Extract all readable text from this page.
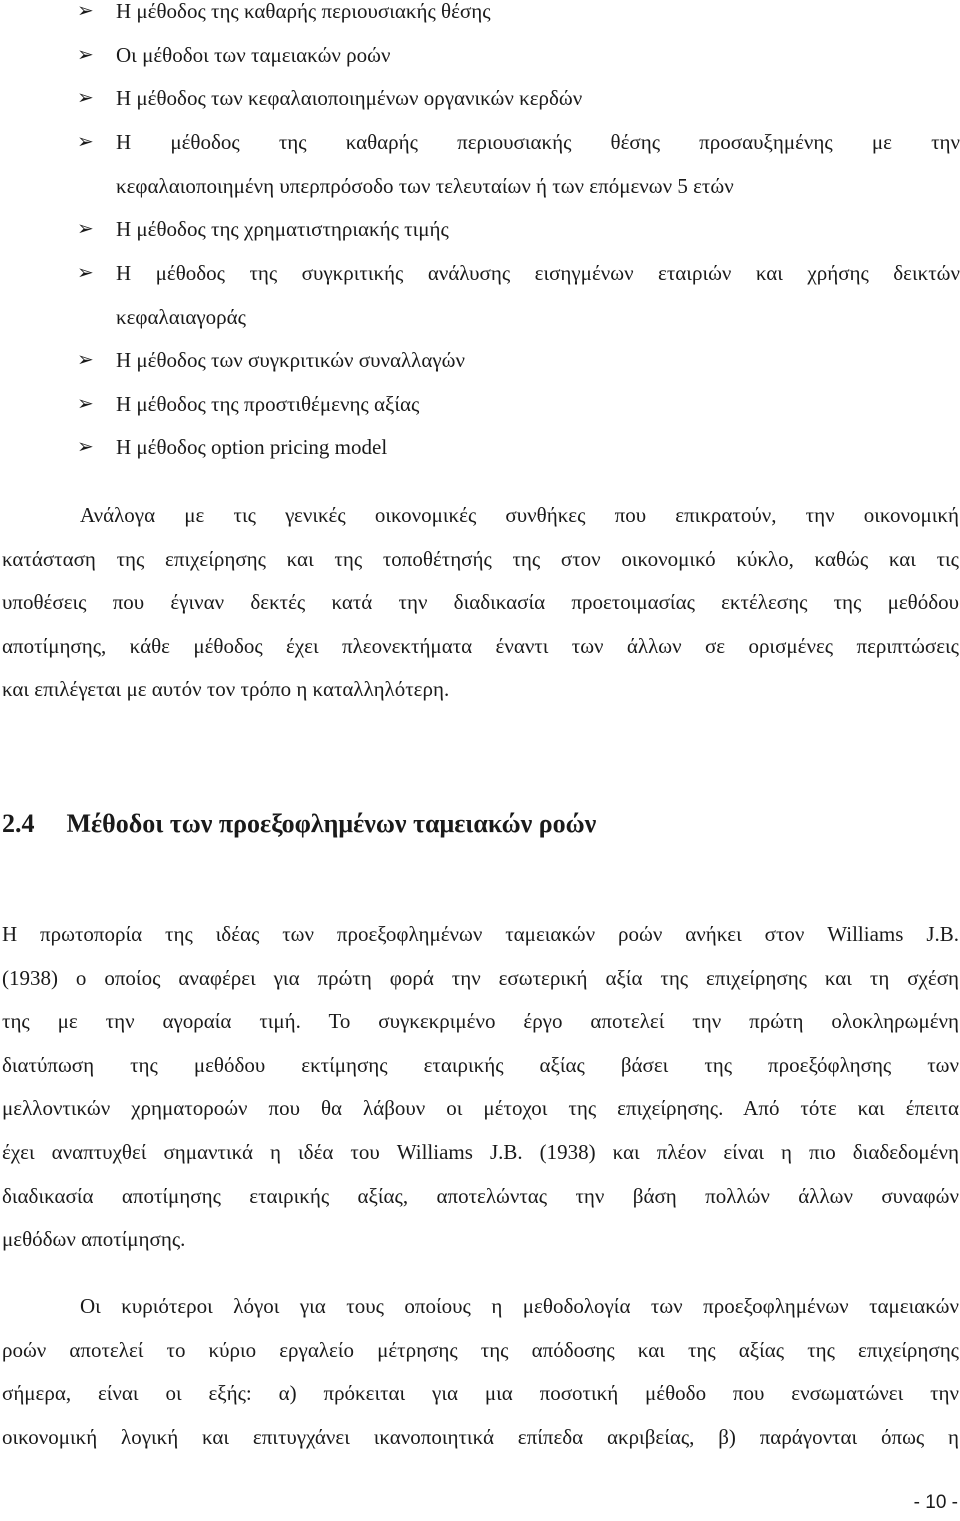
➢	Η μέθοδος της καθαρής περιουσιακής θέσης
➢	Οι μέθοδοι των ταμειακών ροών
➢	Η μέθοδος των κεφαλαιοποιημένων οργανικών κερδών
➢ Η μέθοδος της καθαρής περιουσιακής θέσης προσαυξημένης με την
κεφαλαιοποιημένη υπερπρόσοδο των τελευταίων ή των επόμενων 5 ετών
➢	Η μέθοδος της χρηματιστηριακής τιμής
➢ Η μέθοδος της συγκριτικής ανάλυσης εισηγμένων εταιριών και χρήσης δεικτών
κεφαλαιαγοράς
➢	Η μέθοδος των συγκριτικών συναλλαγών
➢	Η μέθοδος της προστιθέμενης αξίας
➢	Η μέθοδος option pricing model
Ανάλογα με τις γενικές οικονομικές συνθήκες που επικρατούν, την οικονομική
κατάσταση της επιχείρησης και της τοποθέτησής της στον οικονομικό κύκλο, καθώς και τις
υποθέσεις που έγιναν δεκτές κατά την διαδικασία προετοιμασίας εκτέλεσης της μεθόδου
αποτίμησης, κάθε μέθοδος έχει πλεονεκτήματα έναντι των άλλων σε ορισμένες περιπτώσεις
και επιλέγεται με αυτόν τον τρόπο η καταλληλότερη.
2.4 Μέθοδοι των προεξοφλημένων ταμειακών ροών
Η πρωτοπορία της ιδέας των προεξοφλημένων ταμειακών ροών ανήκει στον Williams J.B.
(1938) ο οποίος αναφέρει για πρώτη φορά την εσωτερική αξία της επιχείρησης και τη σχέση
της με την αγοραία τιμή. Το συγκεκριμένο έργο αποτελεί την πρώτη ολοκληρωμένη
διατύπωση της μεθόδου εκτίμησης εταιρικής αξίας βάσει της προεξόφλησης των
μελλοντικών χρηματοροών που θα λάβουν οι μέτοχοι της επιχείρησης. Από τότε και έπειτα
έχει αναπτυχθεί σημαντικά η ιδέα του Williams J.B. (1938) και πλέον είναι η πιο διαδεδομένη
διαδικασία αποτίμησης εταιρικής αξίας, αποτελώντας την βάση πολλών άλλων συναφών
μεθόδων αποτίμησης.
Οι κυριότεροι λόγοι για τους οποίους η μεθοδολογία των προεξοφλημένων ταμειακών
ροών αποτελεί το κύριο εργαλείο μέτρησης της απόδοσης και της αξίας της επιχείρησης
σήμερα, είναι οι εξής: α) πρόκειται για μια ποσοτική μέθοδο που ενσωματώνει την
οικονομική λογική και επιτυγχάνει ικανοποιητικά επίπεδα ακριβείας, β) παράγονται όπως η
- 10 -
